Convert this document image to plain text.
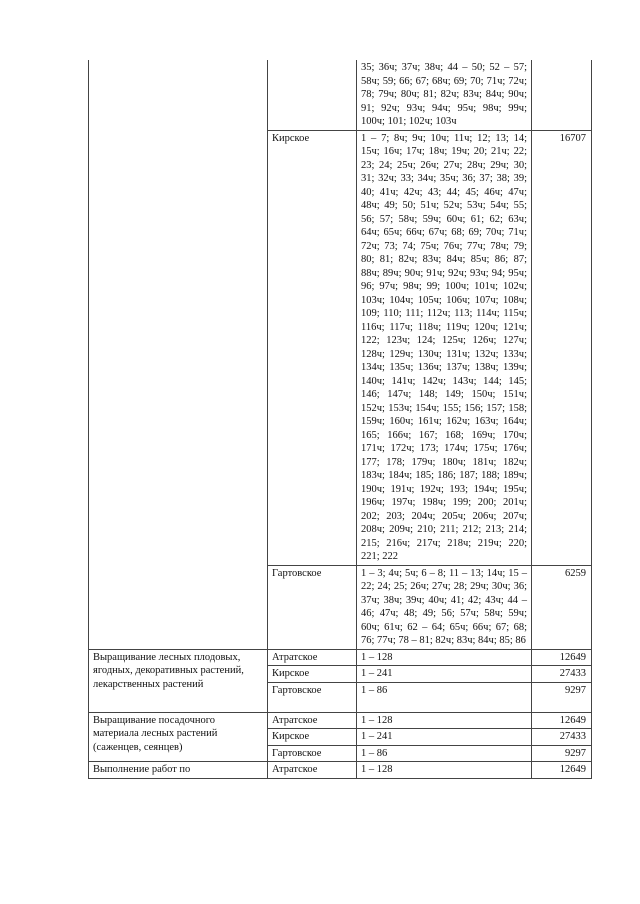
		35; 36ч; 37ч; 38ч; 44 – 50; 52 – 57; 58ч; 59; 66; 67; 68ч; 69; 70; 71ч; 72ч; 78; 79ч; 80ч; 81; 82ч; 83ч; 84ч; 90ч; 91; 92ч; 93ч; 94ч; 95ч; 98ч; 99ч; 100ч; 101; 102ч; 103ч	
	Кирское	1 – 7; 8ч; 9ч; 10ч; 11ч; 12; 13; 14; 15ч; 16ч; 17ч; 18ч; 19ч; 20; 21ч; 22; 23; 24; 25ч; 26ч; 27ч; 28ч; 29ч; 30; 31; 32ч; 33; 34ч; 35ч; 36; 37; 38; 39; 40; 41ч; 42ч; 43; 44; 45; 46ч; 47ч; 48ч; 49; 50; 51ч; 52ч; 53ч; 54ч; 55; 56; 57; 58ч; 59ч; 60ч; 61; 62; 63ч; 64ч; 65ч; 66ч; 67ч; 68; 69; 70ч; 71ч; 72ч; 73; 74; 75ч; 76ч; 77ч; 78ч; 79; 80; 81; 82ч; 83ч; 84ч; 85ч; 86; 87; 88ч; 89ч; 90ч; 91ч; 92ч; 93ч; 94; 95ч; 96; 97ч; 98ч; 99; 100ч; 101ч; 102ч; 103ч; 104ч; 105ч; 106ч; 107ч; 108ч; 109; 110; 111; 112ч; 113; 114ч; 115ч; 116ч; 117ч; 118ч; 119ч; 120ч; 121ч; 122; 123ч; 124; 125ч; 126ч; 127ч; 128ч; 129ч; 130ч; 131ч; 132ч; 133ч; 134ч; 135ч; 136ч; 137ч; 138ч; 139ч; 140ч; 141ч; 142ч; 143ч; 144; 145; 146; 147ч; 148; 149; 150ч; 151ч; 152ч; 153ч; 154ч; 155; 156; 157; 158; 159ч; 160ч; 161ч; 162ч; 163ч; 164ч; 165; 166ч; 167; 168; 169ч; 170ч; 171ч; 172ч; 173; 174ч; 175ч; 176ч; 177; 178; 179ч; 180ч; 181ч; 182ч; 183ч; 184ч; 185; 186; 187; 188; 189ч; 190ч; 191ч; 192ч; 193; 194ч; 195ч; 196ч; 197ч; 198ч; 199; 200; 201ч; 202; 203; 204ч; 205ч; 206ч; 207ч; 208ч; 209ч; 210; 211; 212; 213; 214; 215; 216ч; 217ч; 218ч; 219ч; 220; 221; 222	16707
	Гартовское	1 – 3; 4ч; 5ч; 6 – 8; 11 – 13; 14ч; 15 – 22; 24; 25; 26ч; 27ч; 28; 29ч; 30ч; 36; 37ч; 38ч; 39ч; 40ч; 41; 42; 43ч; 44 – 46; 47ч; 48; 49; 56; 57ч; 58ч; 59ч; 60ч; 61ч; 62 – 64; 65ч; 66ч; 67; 68; 76; 77ч; 78 – 81; 82ч; 83ч; 84ч; 85; 86	6259
Выращивание лесных плодовых, ягодных, декоративных растений, лекарственных растений	Атратское	1 – 128	12649
	Кирское	1 – 241	27433
	Гартовское	1 – 86	9297
Выращивание посадочного материала лесных растений (саженцев, сеянцев)	Атратское	1 – 128	12649
	Кирское	1 – 241	27433
	Гартовское	1 – 86	9297
Выполнение работ по	Атратское	1 – 128	12649
